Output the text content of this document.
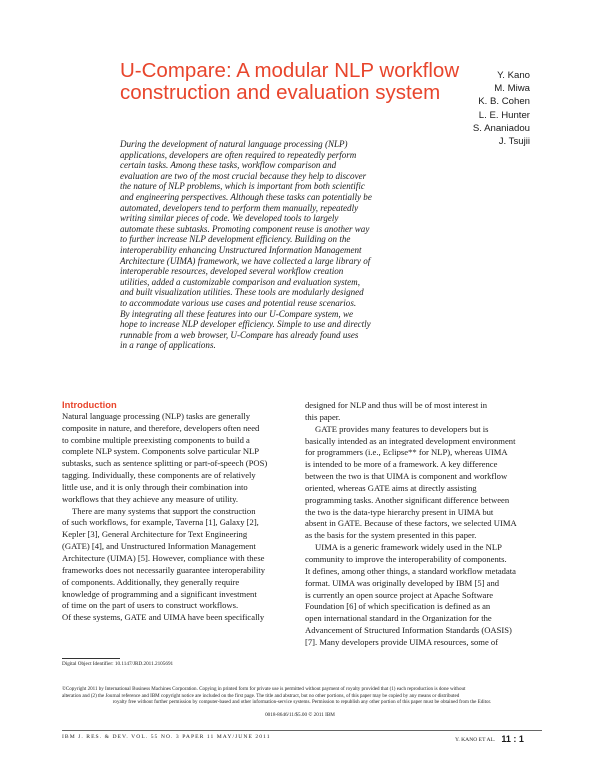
U-Compare: A modular NLP workflow construction and evaluation system
Y. Kano
M. Miwa
K. B. Cohen
L. E. Hunter
S. Ananiadou
J. Tsujii
During the development of natural language processing (NLP)
applications, developers are often required to repeatedly perform
certain tasks. Among these tasks, workflow comparison and
evaluation are two of the most crucial because they help to discover
the nature of NLP problems, which is important from both scientific
and engineering perspectives. Although these tasks can potentially be
automated, developers tend to perform them manually, repeatedly
writing similar pieces of code. We developed tools to largely
automate these subtasks. Promoting component reuse is another way
to further increase NLP development efficiency. Building on the
interoperability enhancing Unstructured Information Management
Architecture (UIMA) framework, we have collected a large library of
interoperable resources, developed several workflow creation
utilities, added a customizable comparison and evaluation system,
and built visualization utilities. These tools are modularly designed
to accommodate various use cases and potential reuse scenarios.
By integrating all these features into our U-Compare system, we
hope to increase NLP developer efficiency. Simple to use and directly
runnable from a web browser, U-Compare has already found uses
in a range of applications.
Introduction
Natural language processing (NLP) tasks are generally
composite in nature, and therefore, developers often need
to combine multiple preexisting components to build a
complete NLP system. Components solve particular NLP
subtasks, such as sentence splitting or part-of-speech (POS)
tagging. Individually, these components are of relatively
little use, and it is only through their combination into
workflows that they achieve any measure of utility.
There are many systems that support the construction
of such workflows, for example, Taverna [1], Galaxy [2],
Kepler [3], General Architecture for Text Engineering
(GATE) [4], and Unstructured Information Management
Architecture (UIMA) [5]. However, compliance with these
frameworks does not necessarily guarantee interoperability
of components. Additionally, they generally require
knowledge of programming and a significant investment
of time on the part of users to construct workflows.
Of these systems, GATE and UIMA have been specifically
designed for NLP and thus will be of most interest in
this paper.
GATE provides many features to developers but is
basically intended as an integrated development environment
for programmers (i.e., Eclipse** for NLP), whereas UIMA
is intended to be more of a framework. A key difference
between the two is that UIMA is component and workflow
oriented, whereas GATE aims at directly assisting
programming tasks. Another significant difference between
the two is the data-type hierarchy present in UIMA but
absent in GATE. Because of these factors, we selected UIMA
as the basis for the system presented in this paper.
UIMA is a generic framework widely used in the NLP
community to improve the interoperability of components.
It defines, among other things, a standard workflow metadata
format. UIMA was originally developed by IBM [5] and
is currently an open source project at Apache Software
Foundation [6] of which specification is defined as an
open international standard in the Organization for the
Advancement of Structured Information Standards (OASIS)
[7]. Many developers provide UIMA resources, some of
Digital Object Identifier: 10.1147/JRD.2011.2105691
©Copyright 2011 by International Business Machines Corporation. Copying in printed form for private use is permitted without payment of royalty provided that (1) each reproduction is done without
alteration and (2) the Journal reference and IBM copyright notice are included on the first page. The title and abstract, but no other portions, of this paper may be copied by any means or distributed
royalty free without further permission by computer-based and other information-service systems. Permission to republish any other portion of this paper must be obtained from the Editor.
0018-8646/11/$5.00 © 2011 IBM
IBM J. RES. & DEV. VOL. 55 NO. 3 PAPER 11 MAY/JUNE 2011	Y. KANO ET AL. 11 : 1
